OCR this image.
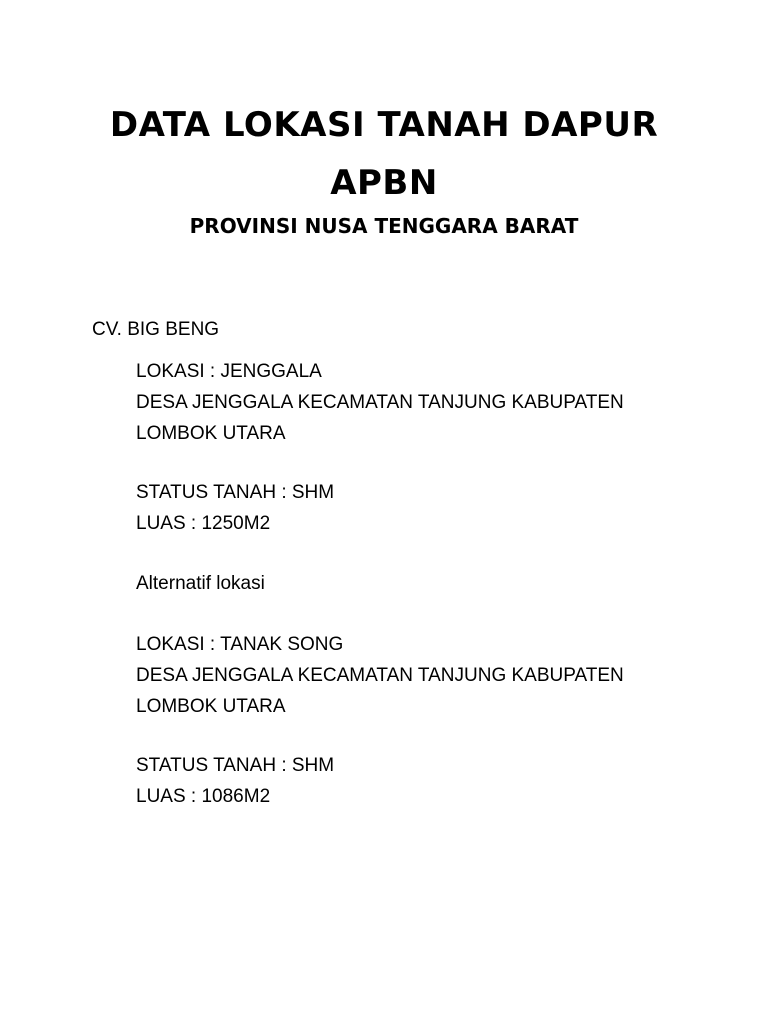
DATA LOKASI TANAH DAPUR
APBN
PROVINSI NUSA TENGGARA BARAT

CV. BIG BENG

LOKASI : JENGGALA
DESA JENGGALA KECAMATAN TANJUNG KABUPATEN
LOMBOK UTARA
STATUS TANAH : SHM
LUAS : 1250M2
Alternatif lokasi
LOKASI : TANAK SONG
DESA JENGGALA KECAMATAN TANJUNG KABUPATEN
LOMBOK UTARA
STATUS TANAH : SHM
LUAS : 1086M2
